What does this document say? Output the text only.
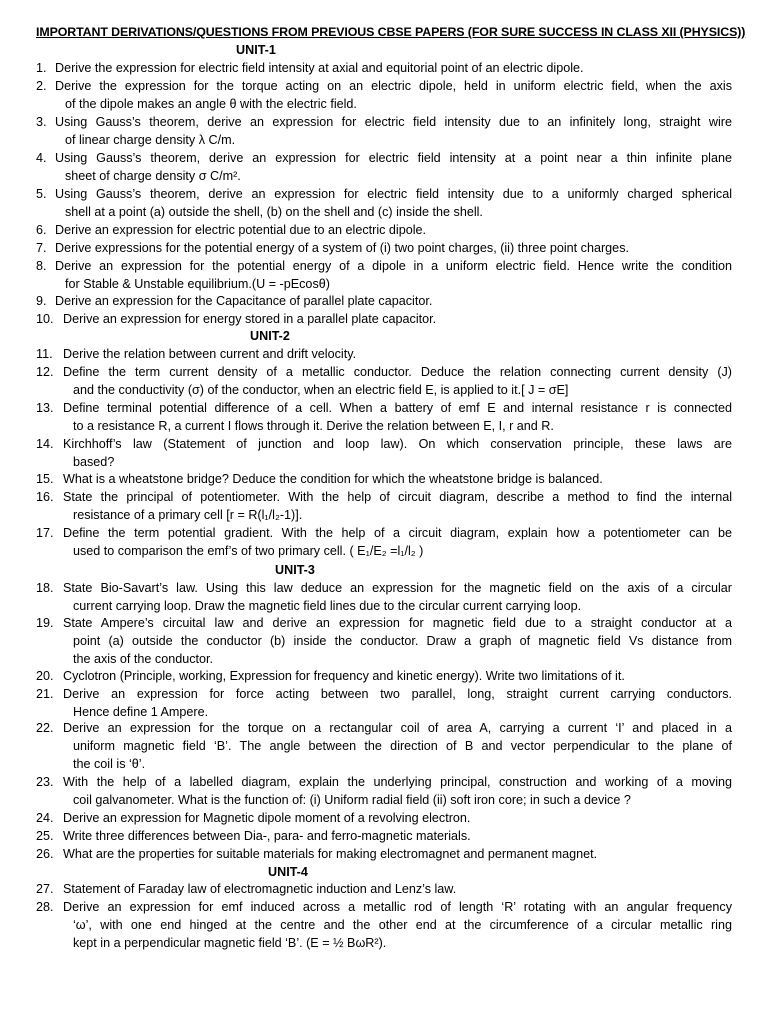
IMPORTANT DERIVATIONS/QUESTIONS FROM PREVIOUS CBSE PAPERS (FOR SURE SUCCESS IN CLASS XII (PHYSICS))
UNIT-1
UNIT-2
UNIT-3
UNIT-4
1. Derive the expression for electric field intensity at axial and equitorial point of an electric dipole.
2. Derive the expression for the torque acting on an electric dipole, held in uniform electric field, when the axis
of the dipole makes an angle θ with the electric field.
3. Using Gauss’s theorem, derive an expression for electric field intensity due to an infinitely long, straight wire
of linear charge density λ C/m.
4. Using Gauss’s theorem, derive an expression for electric field intensity at a point near a thin infinite plane
sheet of charge density σ C/m².
5. Using Gauss’s theorem, derive an expression for electric field intensity due to a uniformly charged spherical
shell at a point (a) outside the shell, (b) on the shell and (c) inside the shell.
6. Derive an expression for electric potential due to an electric dipole.
7. Derive expressions for the potential energy of a system of (i) two point charges, (ii) three point charges.
8. Derive an expression for the potential energy of a dipole in a uniform electric field. Hence write the condition
for Stable & Unstable equilibrium.(U = -pEcosθ)
9. Derive an expression for the Capacitance of parallel plate capacitor.
10. Derive an expression for energy stored in a parallel plate capacitor.
11. Derive the relation between current and drift velocity.
12. Define the term current density of a metallic conductor. Deduce the relation connecting current density (J)
and the conductivity (σ) of the conductor, when an electric field E, is applied to it.[ J = σE]
13. Define terminal potential difference of a cell. When a battery of emf E and internal resistance r is connected
to a resistance R, a current I flows through it. Derive the relation between E, I, r and R.
14. Kirchhoff’s law (Statement of junction and loop law). On which conservation principle, these laws are
based?
15. What is a wheatstone bridge? Deduce the condition for which the wheatstone bridge is balanced.
16. State the principal of potentiometer. With the help of circuit diagram, describe a method to find the internal
resistance of a primary cell [r = R(l₁/l₂-1)].
17. Define the term potential gradient. With the help of a circuit diagram, explain how a potentiometer can be
used to comparison the emf’s of two primary cell. ( E₁/E₂ =l₁/l₂ )
18. State Bio-Savart’s law. Using this law deduce an expression for the magnetic field on the axis of a circular
current carrying loop. Draw the magnetic field lines due to the circular current carrying loop.
19. State Ampere’s circuital law and derive an expression for magnetic field due to a straight conductor at a
point (a) outside the conductor (b) inside the conductor. Draw a graph of magnetic field Vs distance from
the axis of the conductor.
20. Cyclotron (Principle, working, Expression for frequency and kinetic energy). Write two limitations of it.
21. Derive an expression for force acting between two parallel, long, straight current carrying conductors.
Hence define 1 Ampere.
22. Derive an expression for the torque on a rectangular coil of area A, carrying a current ‘I’ and placed in a
uniform magnetic field ‘B’. The angle between the direction of B and vector perpendicular to the plane of
the coil is ‘θ’.
23. With the help of a labelled diagram, explain the underlying principal, construction and working of a moving
coil galvanometer. What is the function of: (i) Uniform radial field (ii) soft iron core; in such a device ?
24. Derive an expression for Magnetic dipole moment of a revolving electron.
25. Write three differences between Dia-, para- and ferro-magnetic materials.
26. What are the properties for suitable materials for making electromagnet and permanent magnet.
27. Statement of Faraday law of electromagnetic induction and Lenz’s law.
28. Derive an expression for emf induced across a metallic rod of length ‘R’ rotating with an angular frequency
‘ω’, with one end hinged at the centre and the other end at the circumference of a circular metallic ring
kept in a perpendicular magnetic field ‘B’. (E = ½ BωR²).
